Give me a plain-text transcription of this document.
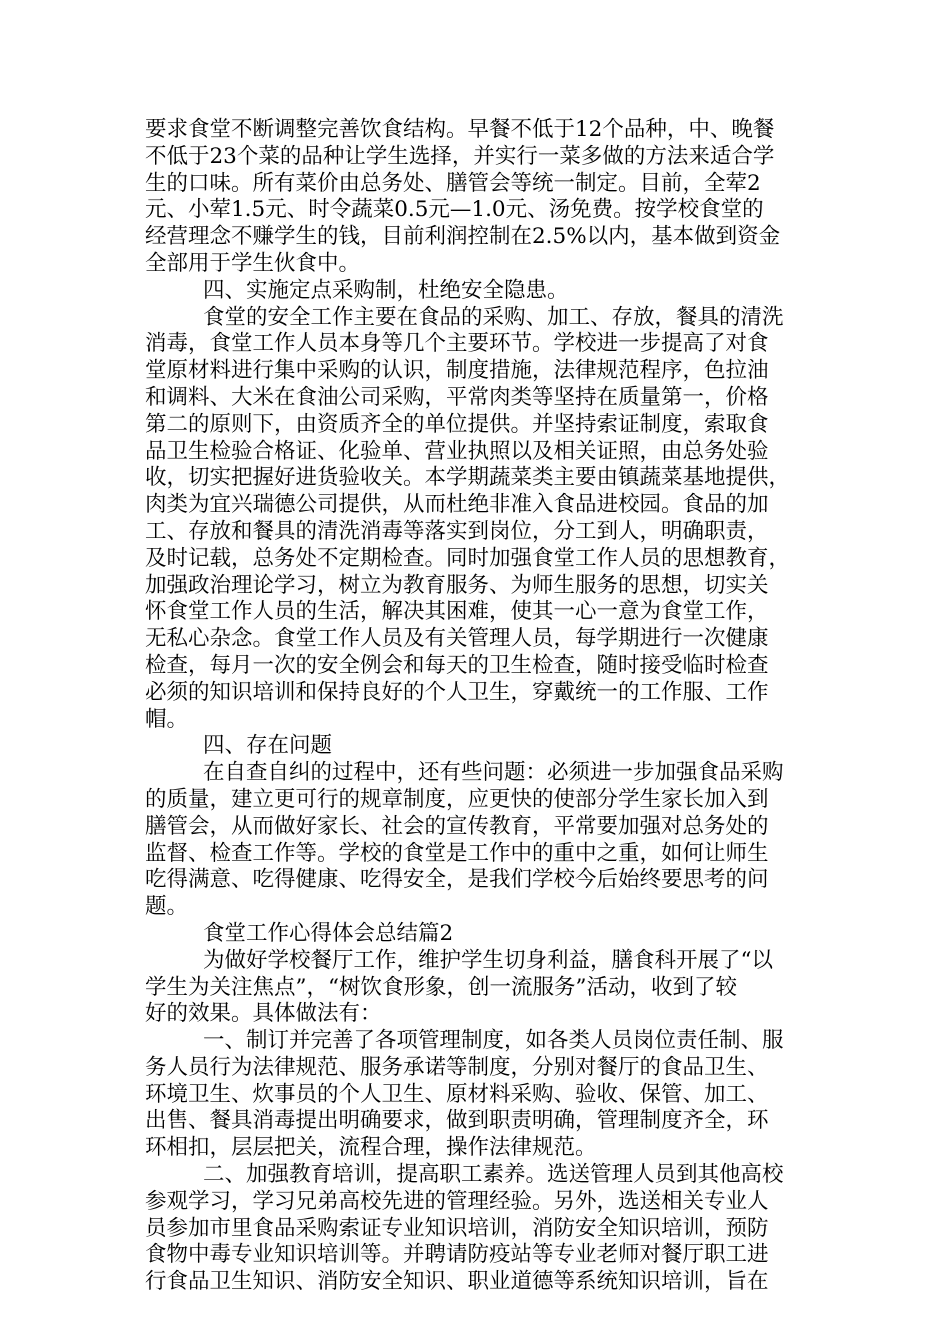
要求食堂不断调整完善饮食结构。早餐不低于12个品种，中、晚餐
不低于23个菜的品种让学生选择，并实行一菜多做的方法来适合学
生的口味。所有菜价由总务处、膳管会等统一制定。目前，全荤2
元、小荤1.5元、时令蔬菜0.5元—1.0元、汤免费。按学校食堂的
经营理念不赚学生的钱，目前利润控制在2.5%以内，基本做到资金
全部用于学生伙食中。
四、实施定点采购制，杜绝安全隐患。
食堂的安全工作主要在食品的采购、加工、存放，餐具的清洗
消毒，食堂工作人员本身等几个主要环节。学校进一步提高了对食
堂原材料进行集中采购的认识，制度措施，法律规范程序，色拉油
和调料、大米在食油公司采购，平常肉类等坚持在质量第一，价格
第二的原则下，由资质齐全的单位提供。并坚持索证制度，索取食
品卫生检验合格证、化验单、营业执照以及相关证照，由总务处验
收，切实把握好进货验收关。本学期蔬菜类主要由镇蔬菜基地提供，
肉类为宜兴瑞德公司提供，从而杜绝非准入食品进校园。食品的加
工、存放和餐具的清洗消毒等落实到岗位，分工到人，明确职责，
及时记载，总务处不定期检查。同时加强食堂工作人员的思想教育，
加强政治理论学习，树立为教育服务、为师生服务的思想，切实关
怀食堂工作人员的生活，解决其困难，使其一心一意为食堂工作，
无私心杂念。食堂工作人员及有关管理人员，每学期进行一次健康
检查，每月一次的安全例会和每天的卫生检查，随时接受临时检查
必须的知识培训和保持良好的个人卫生，穿戴统一的工作服、工作
帽。
四、存在问题
在自查自纠的过程中，还有些问题：必须进一步加强食品采购
的质量，建立更可行的规章制度，应更快的使部分学生家长加入到
膳管会，从而做好家长、社会的宣传教育，平常要加强对总务处的
监督、检查工作等。学校的食堂是工作中的重中之重，如何让师生
吃得满意、吃得健康、吃得安全，是我们学校今后始终要思考的问
题。
食堂工作心得体会总结篇2
为做好学校餐厅工作，维护学生切身利益，膳食科开展了“以
学生为关注焦点”，“树饮食形象，创一流服务”活动，收到了较
好的效果。具体做法有：
一、制订并完善了各项管理制度，如各类人员岗位责任制、服
务人员行为法律规范、服务承诺等制度，分别对餐厅的食品卫生、
环境卫生、炊事员的个人卫生、原材料采购、验收、保管、加工、
出售、餐具消毒提出明确要求，做到职责明确，管理制度齐全，环
环相扣，层层把关，流程合理，操作法律规范。
二、加强教育培训，提高职工素养。选送管理人员到其他高校
参观学习，学习兄弟高校先进的管理经验。另外，选送相关专业人
员参加市里食品采购索证专业知识培训，消防安全知识培训，预防
食物中毒专业知识培训等。并聘请防疫站等专业老师对餐厅职工进
行食品卫生知识、消防安全知识、职业道德等系统知识培训，旨在
